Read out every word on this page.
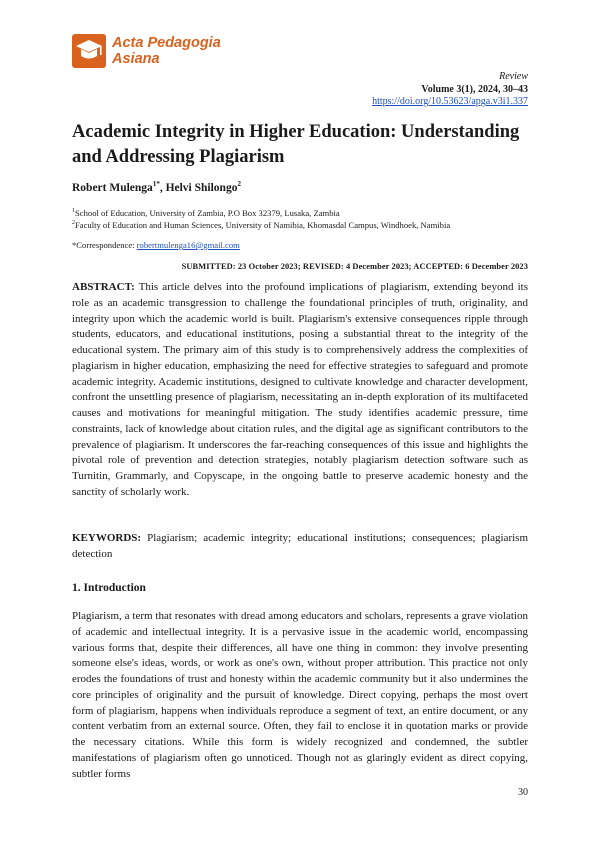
Acta Pedagogia
Asiana
Review
Volume 3(1), 2024, 30–43
https://doi.org/10.53623/apga.v3i1.337
Academic Integrity in Higher Education: Understanding and Addressing Plagiarism
Robert Mulenga$^{1*}$, Helvi Shilongo$^2$
$^1$School of Education, University of Zambia, P.O Box 32379, Lusaka, Zambia
$^2$Faculty of Education and Human Sciences, University of Namibia, Khomasdal Campus, Windhoek, Namibia
*Correspondence: robertmulenga16@gmail.com
SUBMITTED: 23 October 2023; REVISED: 4 December 2023; ACCEPTED: 6 December 2023

ABSTRACT: This article delves into the profound implications of plagiarism, extending beyond its role as an academic transgression to challenge the foundational principles of truth, originality, and integrity upon which the academic world is built. Plagiarism's extensive consequences ripple through students, educators, and educational institutions, posing a substantial threat to the integrity of the educational system. The primary aim of this study is to comprehensively address the complexities of plagiarism in higher education, emphasizing the need for effective strategies to safeguard and promote academic integrity. Academic institutions, designed to cultivate knowledge and character development, confront the unsettling presence of plagiarism, necessitating an in-depth exploration of its multifaceted causes and motivations for meaningful mitigation. The study identifies academic pressure, time constraints, lack of knowledge about citation rules, and the digital age as significant contributors to the prevalence of plagiarism. It underscores the far-reaching consequences of this issue and highlights the pivotal role of prevention and detection strategies, notably plagiarism detection software such as Turnitin, Grammarly, and Copyscape, in the ongoing battle to preserve academic honesty and the sanctity of scholarly work.

KEYWORDS: Plagiarism; academic integrity; educational institutions; consequences; plagiarism detection

1. Introduction

Plagiarism, a term that resonates with dread among educators and scholars, represents a grave violation of academic and intellectual integrity. It is a pervasive issue in the academic world, encompassing various forms that, despite their differences, all have one thing in common: they involve presenting someone else's ideas, words, or work as one's own, without proper attribution. This practice not only erodes the foundations of trust and honesty within the academic community but it also undermines the core principles of originality and the pursuit of knowledge. Direct copying, perhaps the most overt form of plagiarism, happens when individuals reproduce a segment of text, an entire document, or any content verbatim from an external source. Often, they fail to enclose it in quotation marks or provide the necessary citations. While this form is widely recognized and condemned, the subtler manifestations of plagiarism often go unnoticed. Though not as glaringly evident as direct copying, subtler forms

30
